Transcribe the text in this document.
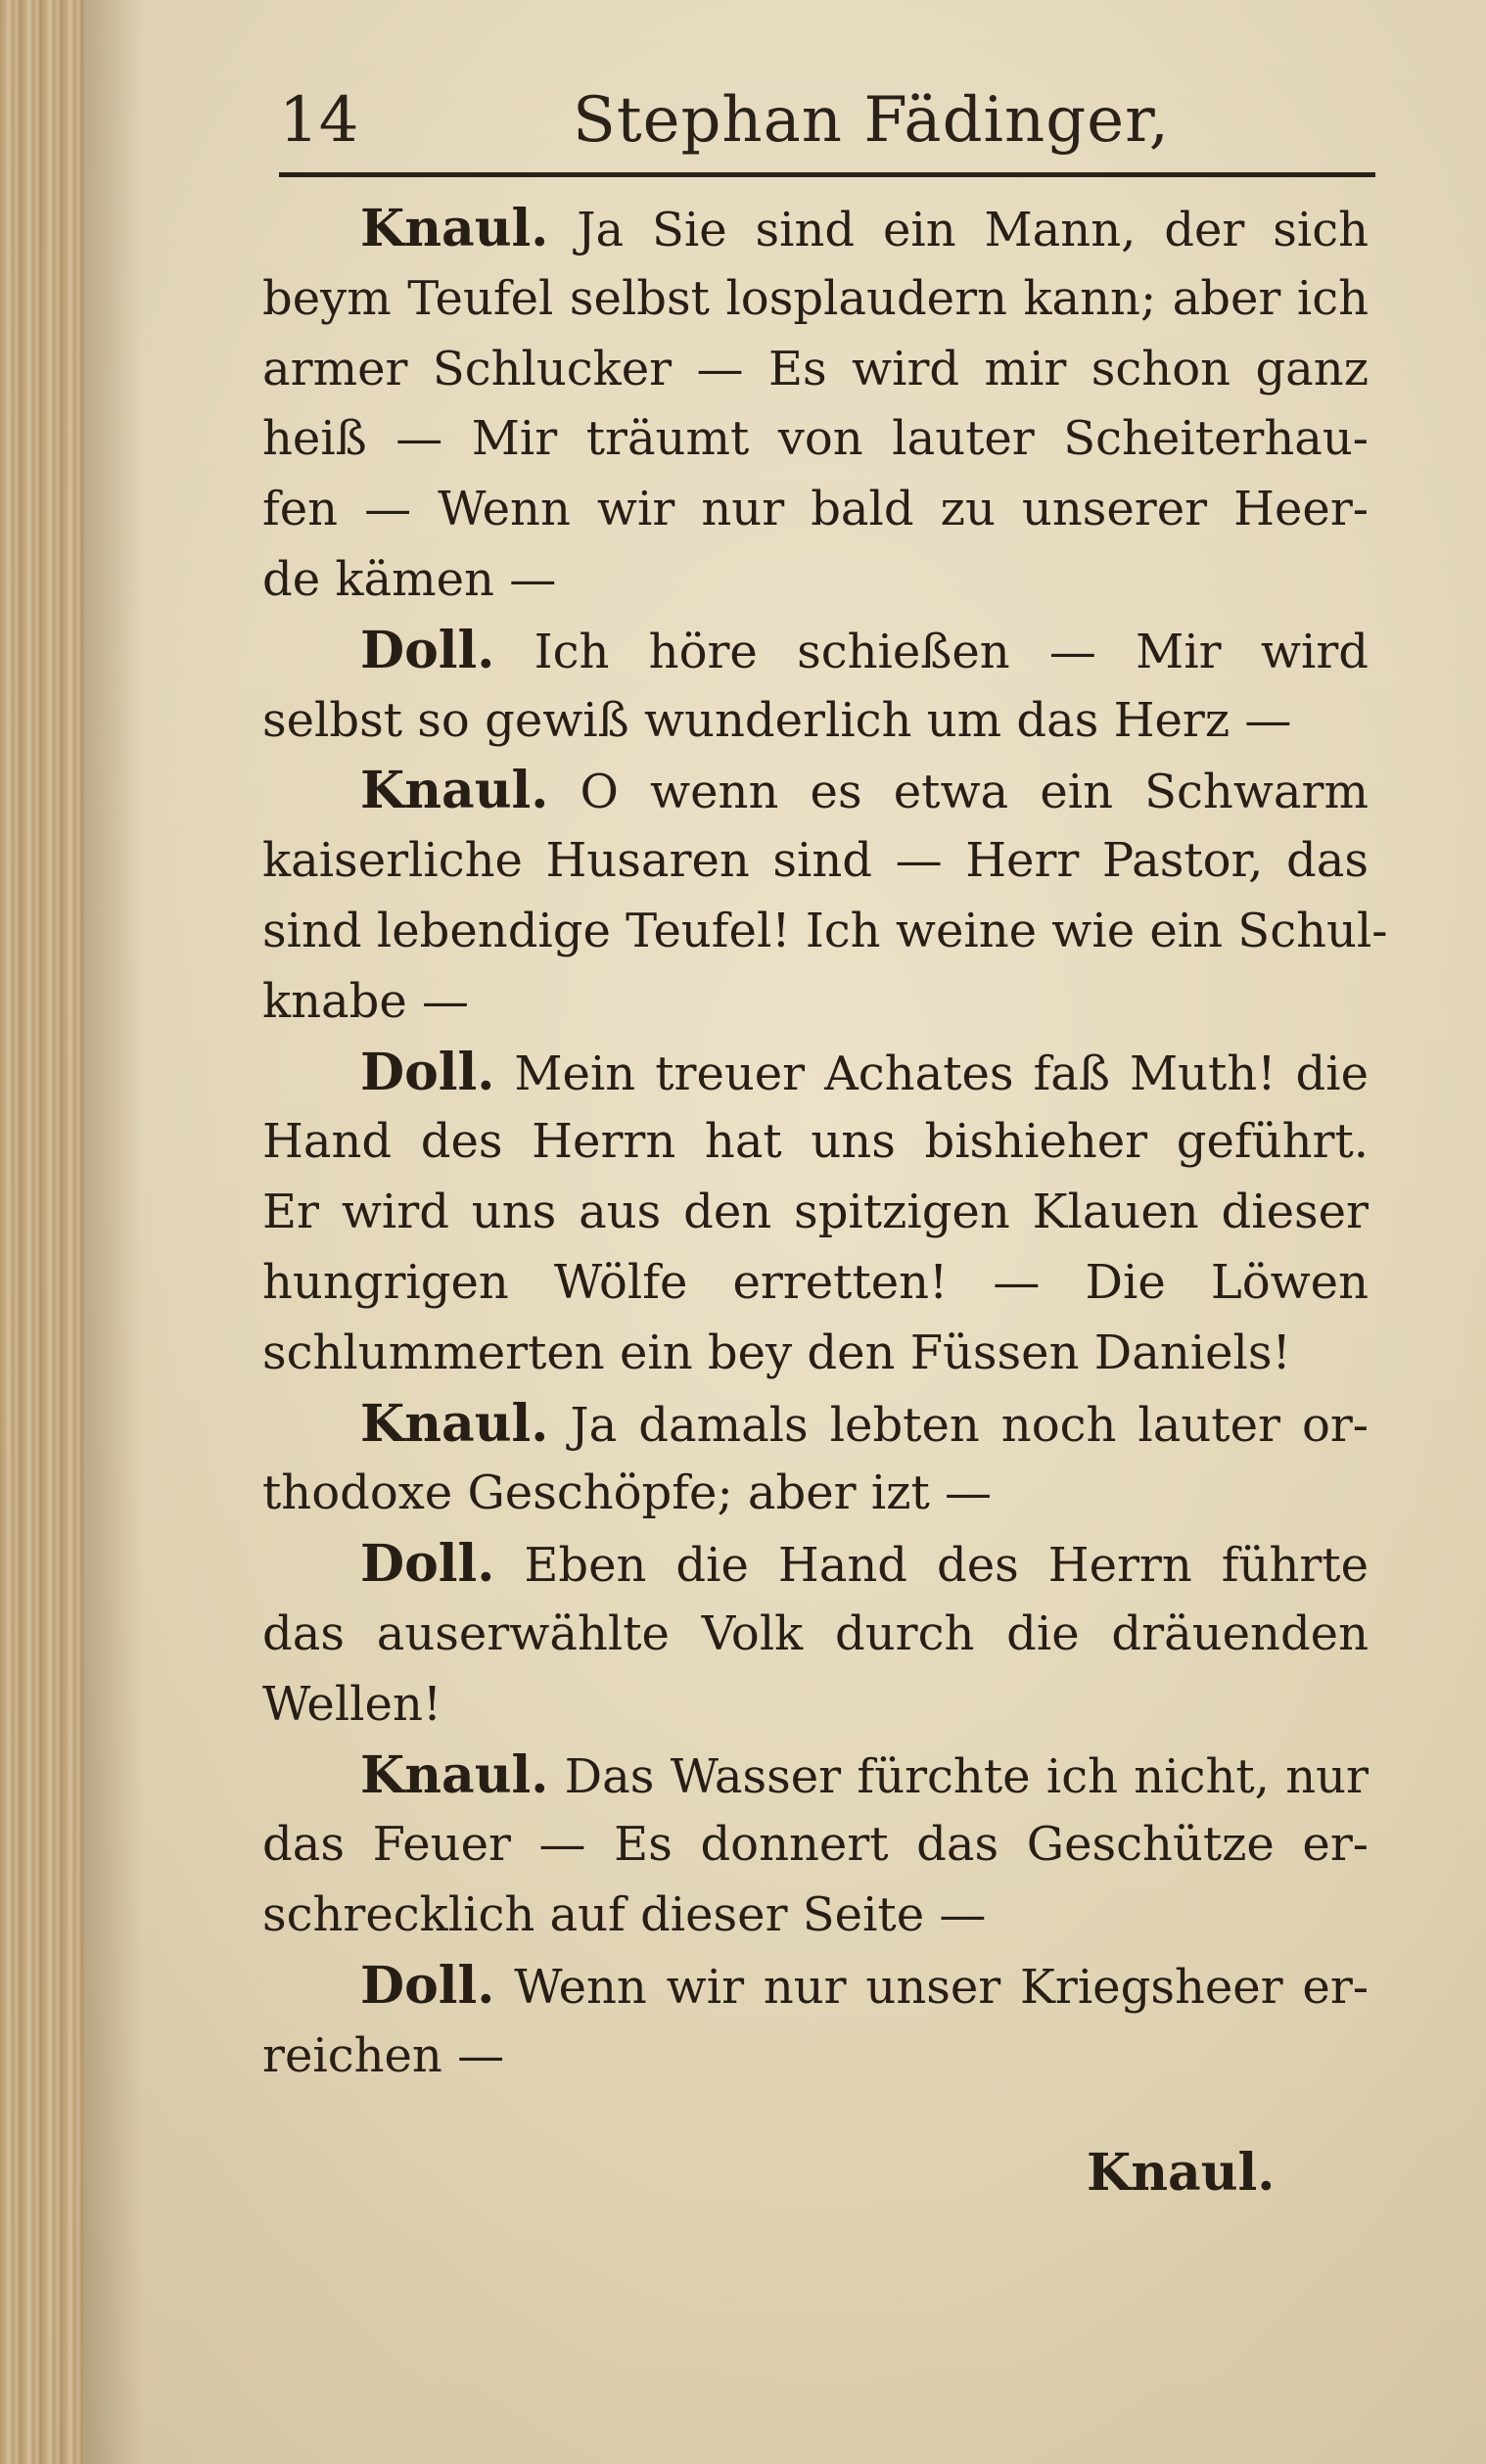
14	Stephan Fädinger,
Knaul. Ja Sie sind ein Mann, der sich
beym Teufel selbst losplaudern kann; aber ich
armer Schlucker — Es wird mir schon ganz
heiß — Mir träumt von lauter Scheiterhau-
fen — Wenn wir nur bald zu unserer Heer-
de kämen —
Doll. Ich höre schießen — Mir wird
selbst so gewiß wunderlich um das Herz —
Knaul. O wenn es etwa ein Schwarm
kaiserliche Husaren sind — Herr Pastor, das
sind lebendige Teufel! Ich weine wie ein Schul-
knabe —
Doll. Mein treuer Achates faß Muth! die
Hand des Herrn hat uns bishieher geführt.
Er wird uns aus den spitzigen Klauen dieser
hungrigen Wölfe erretten! — Die Löwen
schlummerten ein bey den Füssen Daniels!
Knaul. Ja damals lebten noch lauter or-
thodoxe Geschöpfe; aber izt —
Doll. Eben die Hand des Herrn führte
das auserwählte Volk durch die dräuenden
Wellen!
Knaul. Das Wasser fürchte ich nicht, nur
das Feuer — Es donnert das Geschütze er-
schrecklich auf dieser Seite —
Doll. Wenn wir nur unser Kriegsheer er-
reichen —
Knaul.
